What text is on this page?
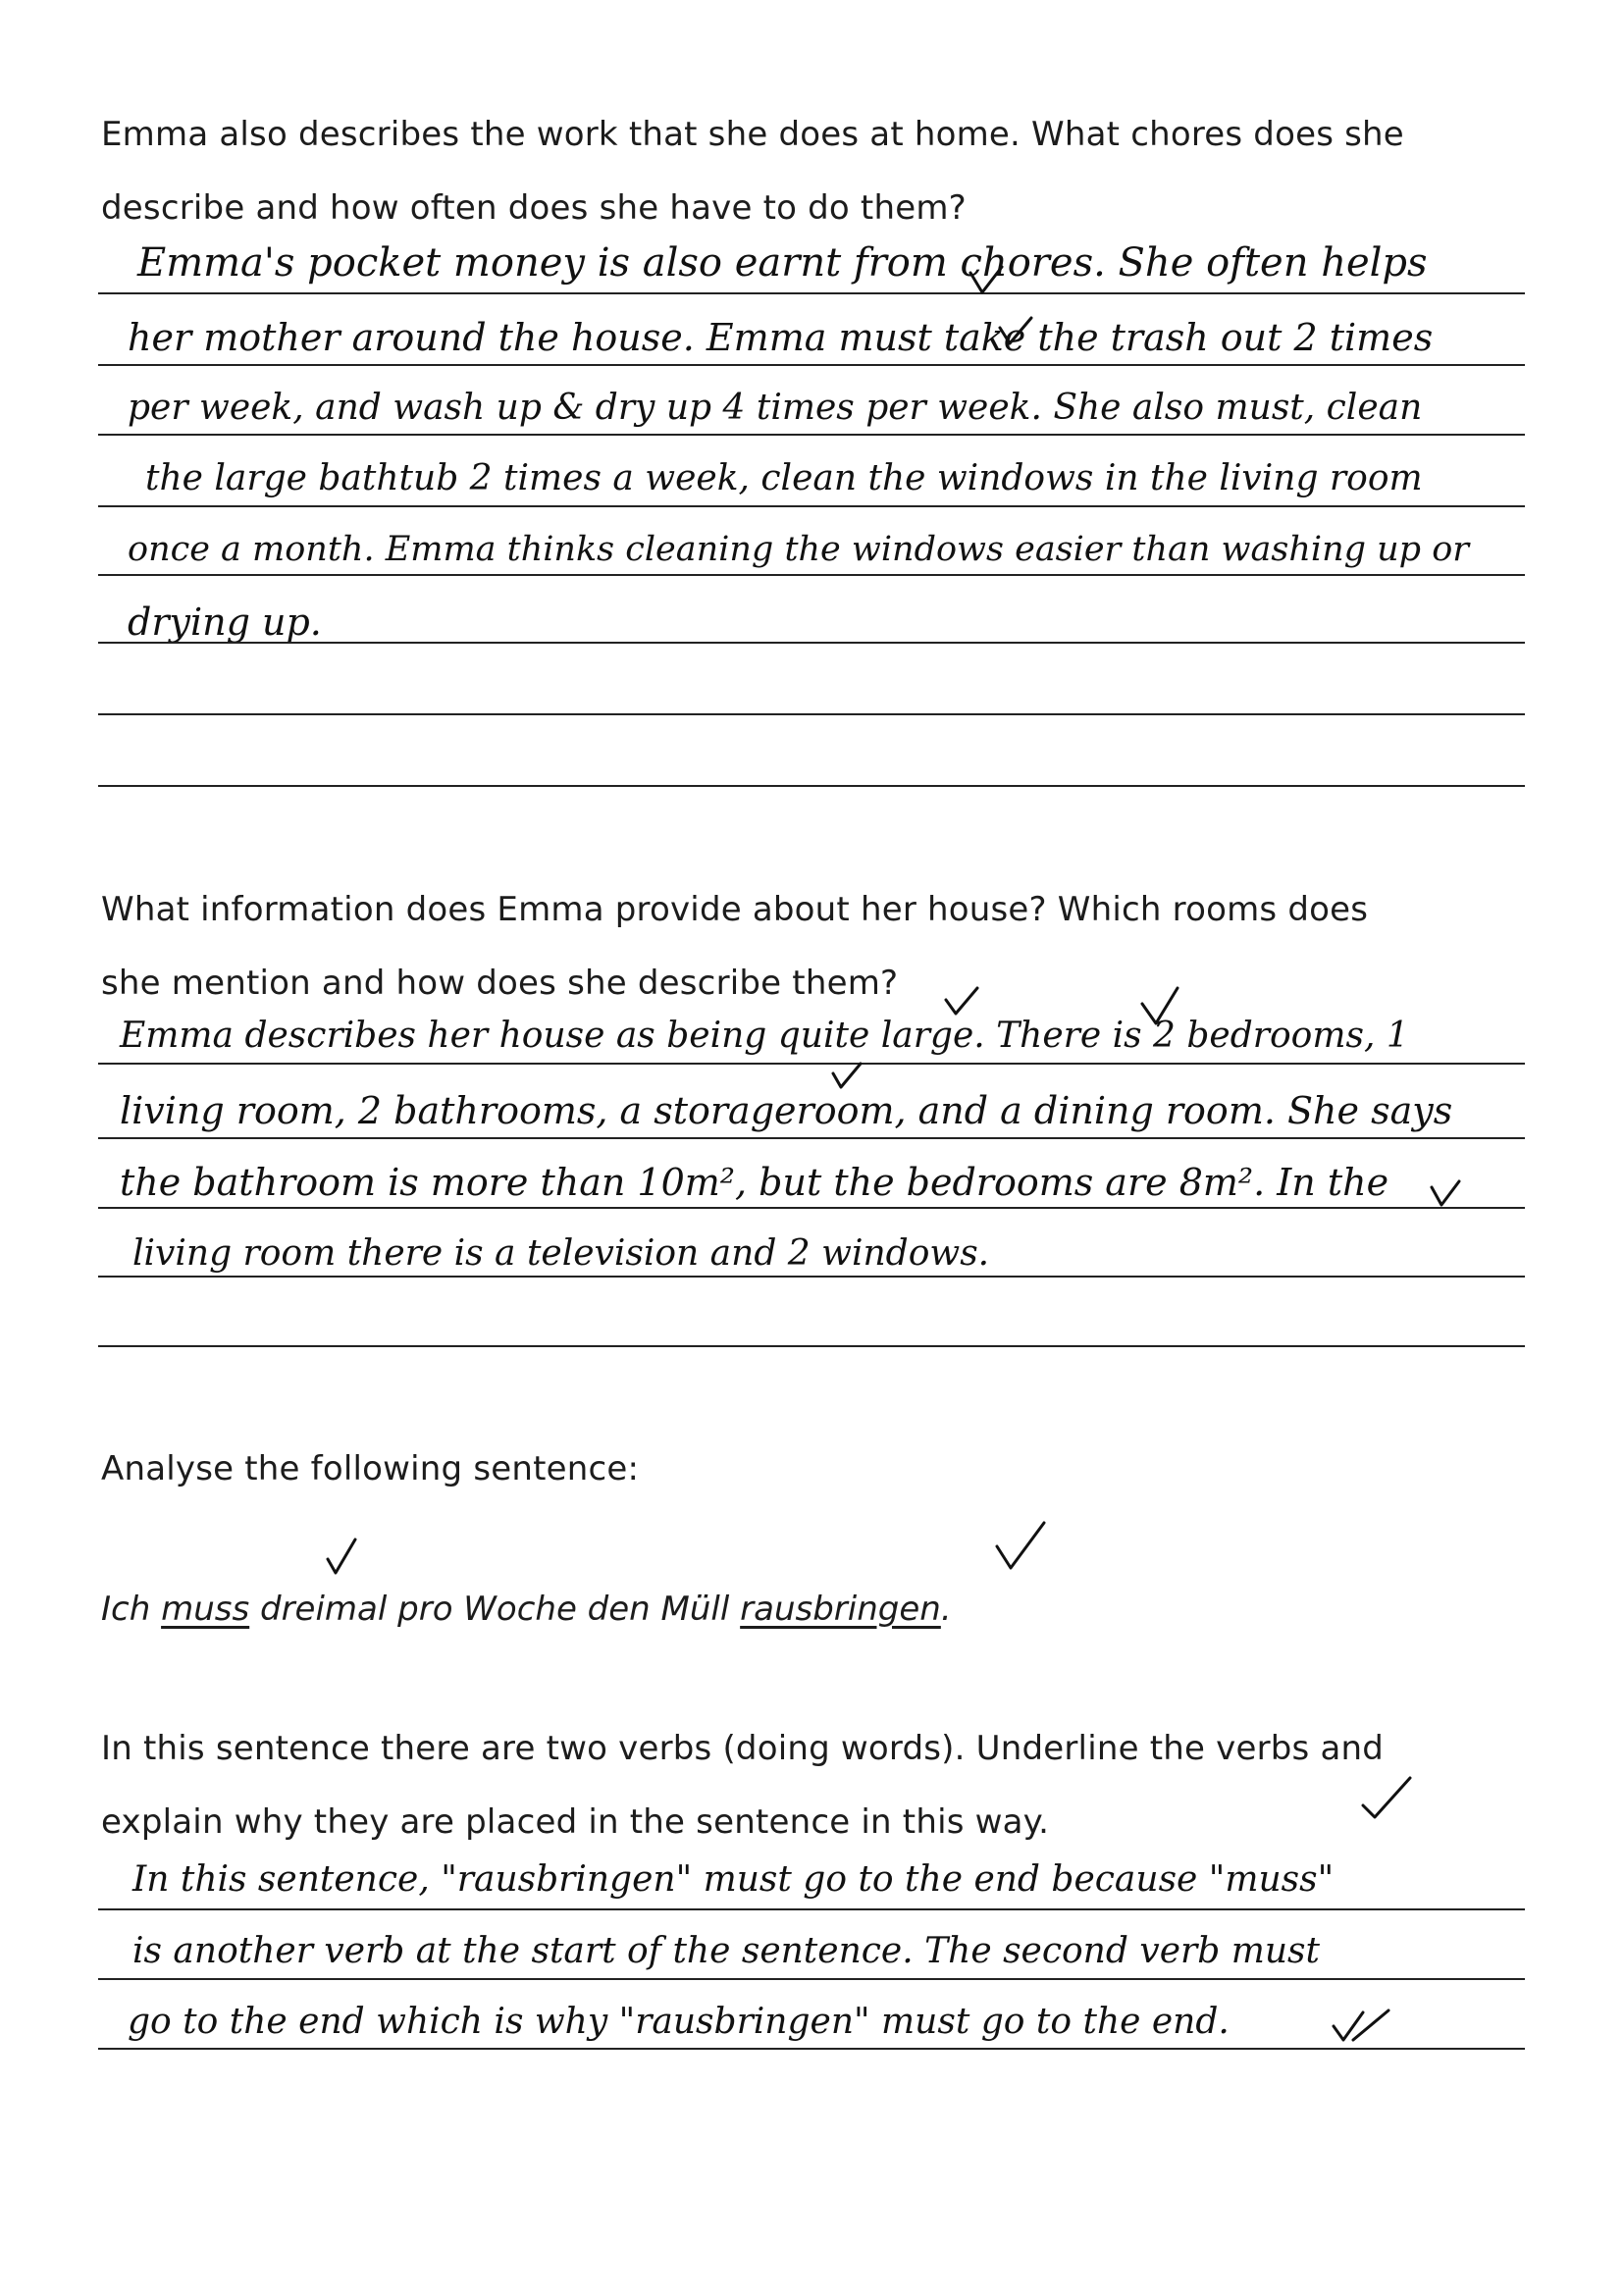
Emma also describes the work that she does at home. What chores does she
describe and how often does she have to do them?
Emma's pocket money is also earnt from chores. She often helps
her mother around the house. Emma must take the trash out 2 times
per week, and wash up & dry up 4 times per week. She also must, clean
the large bathtub 2 times a week, clean the windows in the living room
once a month. Emma thinks cleaning the windows easier than washing up or
drying up.
What information does Emma provide about her house? Which rooms does
she mention and how does she describe them?
Emma describes her house as being quite large. There is 2 bedrooms, 1
living room, 2 bathrooms, a storageroom, and a dining room. She says
the bathroom is more than 10m², but the bedrooms are 8m². In the
living room there is a television and 2 windows.
Analyse the following sentence:
Ich muss dreimal pro Woche den Müll rausbringen.
In this sentence there are two verbs (doing words). Underline the verbs and
explain why they are placed in the sentence in this way.
In this sentence, "rausbringen" must go to the end because "muss"
is another verb at the start of the sentence. The second verb must
go to the end which is why "rausbringen" must go to the end.
